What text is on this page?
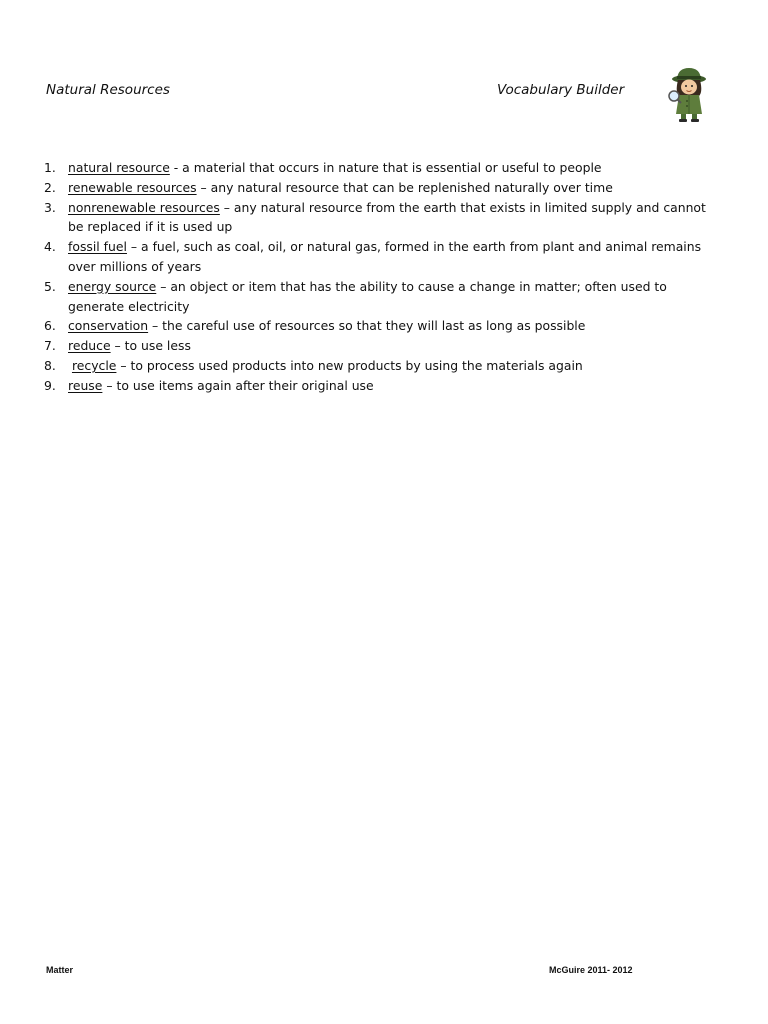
Natural Resources	Vocabulary Builder
1. natural resource - a material that occurs in nature that is essential or useful to people
2. renewable resources – any natural resource that can be replenished naturally over time
3. nonrenewable resources – any natural resource from the earth that exists in limited supply and cannot be replaced if it is used up
4. fossil fuel – a fuel, such as coal, oil, or natural gas, formed in the earth from plant and animal remains over millions of years
5. energy source – an object or item that has the ability to cause a change in matter; often used to generate electricity
6. conservation – the careful use of resources so that they will last as long as possible
7. reduce – to use less
8. recycle – to process used products into new products by using the materials again
9. reuse – to use items again after their original use
Matter	McGuire 2011- 2012
